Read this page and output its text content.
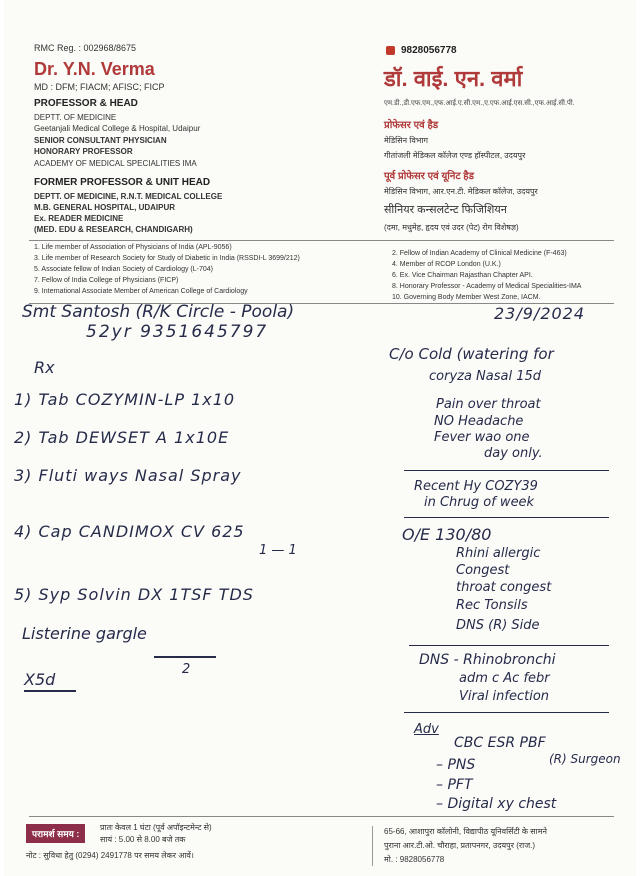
RMC Reg. : 002968/8675
Dr. Y.N. Verma
MD : DFM; FIACM; AFISC; FICP
PROFESSOR & HEAD
DEPTT. OF MEDICINE
Geetanjali Medical College & Hospital, Udaipur
SENIOR CONSULTANT PHYSICIAN
HONORARY PROFESSOR
ACADEMY OF MEDICAL SPECIALITIES IMA
FORMER PROFESSOR & UNIT HEAD
DEPTT. OF MEDICINE, R.N.T. MEDICAL COLLEGE
M.B. GENERAL HOSPITAL, UDAIPUR
Ex. READER MEDICINE
(MED. EDU & RESEARCH, CHANDIGARH)
9828056778
डॉ. वाई. एन. वर्मा
एम.डी.,डी.एफ.एम.,एफ.आई.ए.सी.एम.,ए.एफ.आई.एस.सी.,एफ.आई.सी.पी.
प्रोफेसर एवं हैड
मेडिसिन विभाग
गीतांजली मेडिकल कॉलेज एण्ड हॉस्पीटल, उदयपुर
पूर्व प्रोफेसर एवं यूनिट हैड
मेडिसिन विभाग, आर.एन.टी. मेडिकल कॉलेज, उदयपुर
सीनियर कन्सलटेन्ट फिजिशियन
(दमा, मधुमेह, हृदय एवं उदर (पेट) रोग विशेषज्ञ)
1. Life member of Association of Physicians of India (APL-9056)
3. Life member of Research Society for Study of Diabetic in India (RSSDI-L 3699/212)
5. Associate fellow of Indian Society of Cardiology (L-704)
7. Fellow of India College of Physicians (FICP)
9. International Associate Member of American College of Cardiology
2. Fellow of Indian Academy of Clinical Medicine (F-463)
4. Member of RCOP London (U.K.)
6. Ex. Vice Chairman Rajasthan Chapter API.
8. Honorary Professor - Academy of Medical Specialities-IMA
10. Governing Body Member West Zone, IACM.
Smt Santosh (R/K Circle - Poola)
52yr 9351645797
23/9/2024
Rx
1) Tab COZYMIN-LP 1x10
2) Tab DEWSET A 1x10E
3) Fluti ways Nasal Spray
4) Cap CANDIMOX CV 625
1 — 1
5) Syp Solvin DX 1TSF TDS
Listerine gargle
2
X5d
C/o Cold (watering for
coryza Nasal 15d
Pain over throat
NO Headache
Fever wao one
day only.
Recent Hy COZY39
in Chrug of week
O/E 130/80
Rhini allergic
Congest
throat congest
Rec Tonsils
DNS (R) Side
DNS - Rhinobronchi
adm c Ac febr
Viral infection
Adv
CBC ESR PBF
(R) Surgeon
– PNS
– PFT
– Digital xy chest
परामर्श समय :
प्रातः केवल 1 घंटा (पूर्व अपॉइन्टमेन्ट से)
सायं : 5.00 से 8.00 बजे तक
नोट : सुविधा हेतु (0294) 2491778 पर समय लेकर आवें।
65-66, आशापुरा कॉलोनी, विद्यापीठ यूनिवर्सिटी के सामने
पुराना आर.टी.ओ. चौराहा, प्रतापनगर, उदयपुर (राज.)
मो. : 9828056778
